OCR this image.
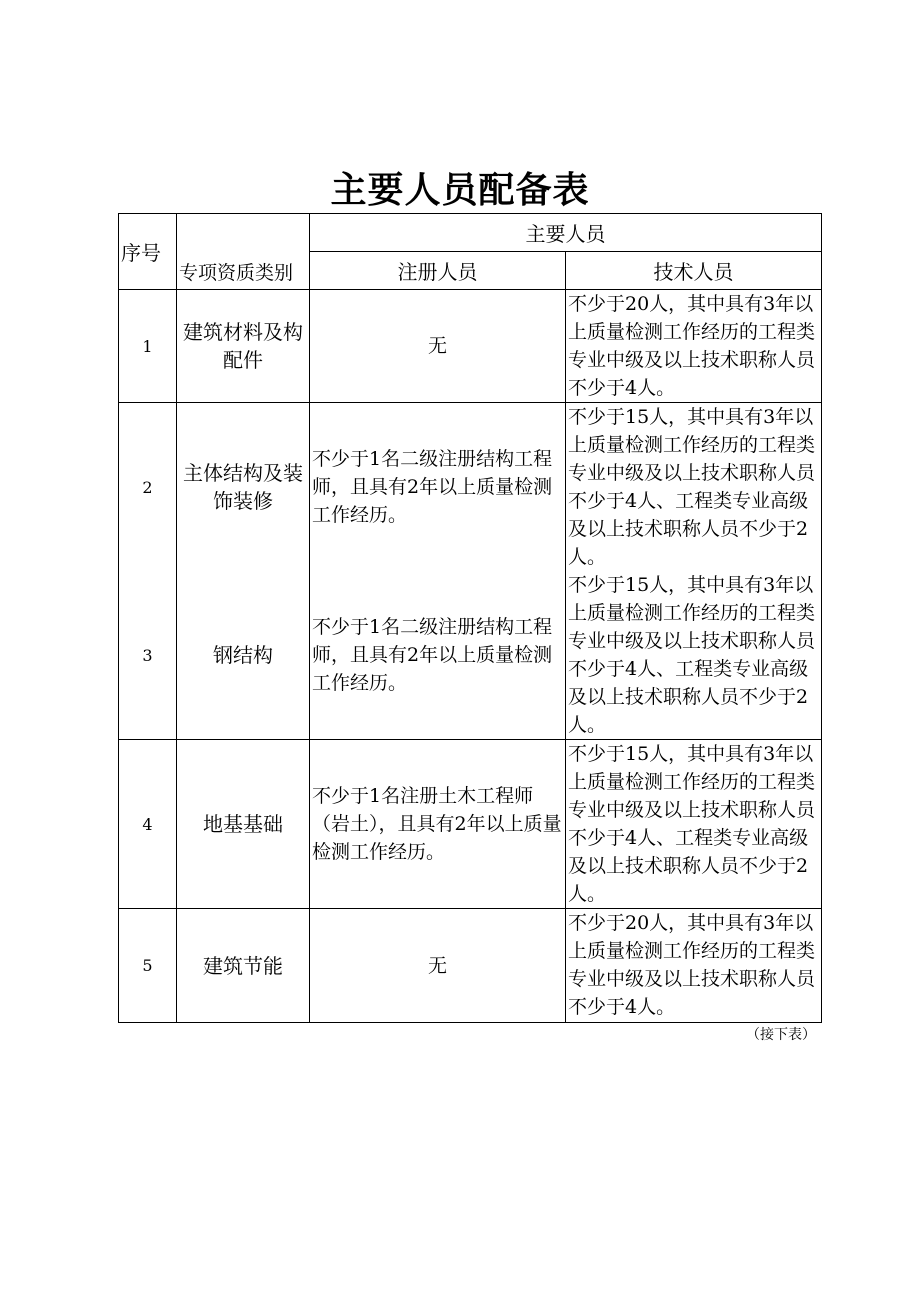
主要人员配备表
序号	专项资质类别	主要人员	
		注册人员	技术人员
1	建筑材料及构配件	无	不少于20人，其中具有3年以上质量检测工作经历的工程类专业中级及以上技术职称人员不少于4人。
2	主体结构及装饰装修	不少于1名二级注册结构工程师，且具有2年以上质量检测工作经历。	不少于15人，其中具有3年以上质量检测工作经历的工程类专业中级及以上技术职称人员不少于4人、工程类专业高级及以上技术职称人员不少于2人。
3	钢结构	不少于1名二级注册结构工程师，且具有2年以上质量检测工作经历。	不少于15人，其中具有3年以上质量检测工作经历的工程类专业中级及以上技术职称人员不少于4人、工程类专业高级及以上技术职称人员不少于2人。
4	地基基础	不少于1名注册土木工程师（岩土），且具有2年以上质量检测工作经历。	不少于15人，其中具有3年以上质量检测工作经历的工程类专业中级及以上技术职称人员不少于4人、工程类专业高级及以上技术职称人员不少于2人。
5	建筑节能	无	不少于20人，其中具有3年以上质量检测工作经历的工程类专业中级及以上技术职称人员不少于4人。
（接下表）
